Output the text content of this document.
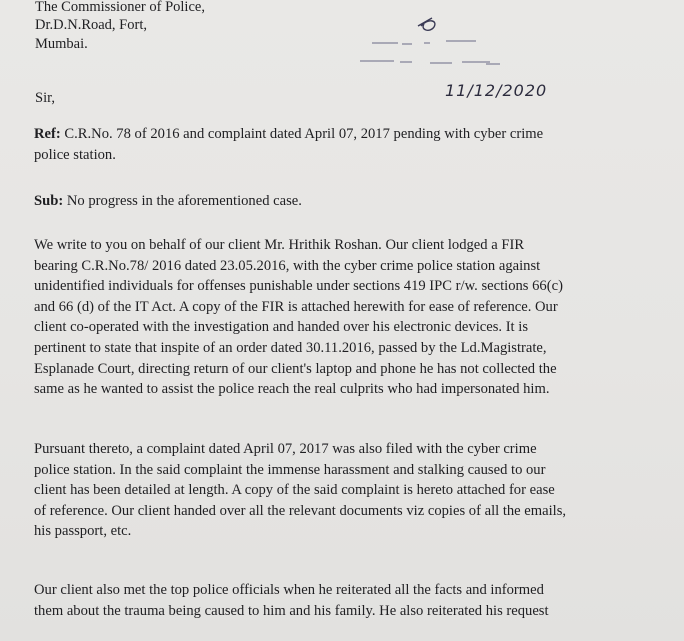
The Commissioner of Police,
Dr.D.N.Road, Fort,
Mumbai.
11/12/2020
Sir,
Ref: C.R.No. 78 of 2016 and complaint dated April 07, 2017 pending with cyber crime
police station.
Sub: No progress in the aforementioned case.
We write to you on behalf of our client Mr. Hrithik Roshan. Our client lodged a FIR
bearing C.R.No.78/ 2016 dated 23.05.2016, with the cyber crime police station against
unidentified individuals for offenses punishable under sections 419 IPC r/w. sections 66(c)
and 66 (d) of the IT Act. A copy of the FIR is attached herewith for ease of reference. Our
client co-operated with the investigation and handed over his electronic devices. It is
pertinent to state that inspite of an order dated 30.11.2016, passed by the Ld.Magistrate,
Esplanade Court, directing return of our client's laptop and phone he has not collected the
same as he wanted to assist the police reach the real culprits who had impersonated him.
Pursuant thereto, a complaint dated April 07, 2017 was also filed with the cyber crime
police station. In the said complaint the immense harassment and stalking caused to our
client has been detailed at length. A copy of the said complaint is hereto attached for ease
of reference. Our client handed over all the relevant documents viz copies of all the emails,
his passport, etc.
Our client also met the top police officials when he reiterated all the facts and informed
them about the trauma being caused to him and his family. He also reiterated his request
